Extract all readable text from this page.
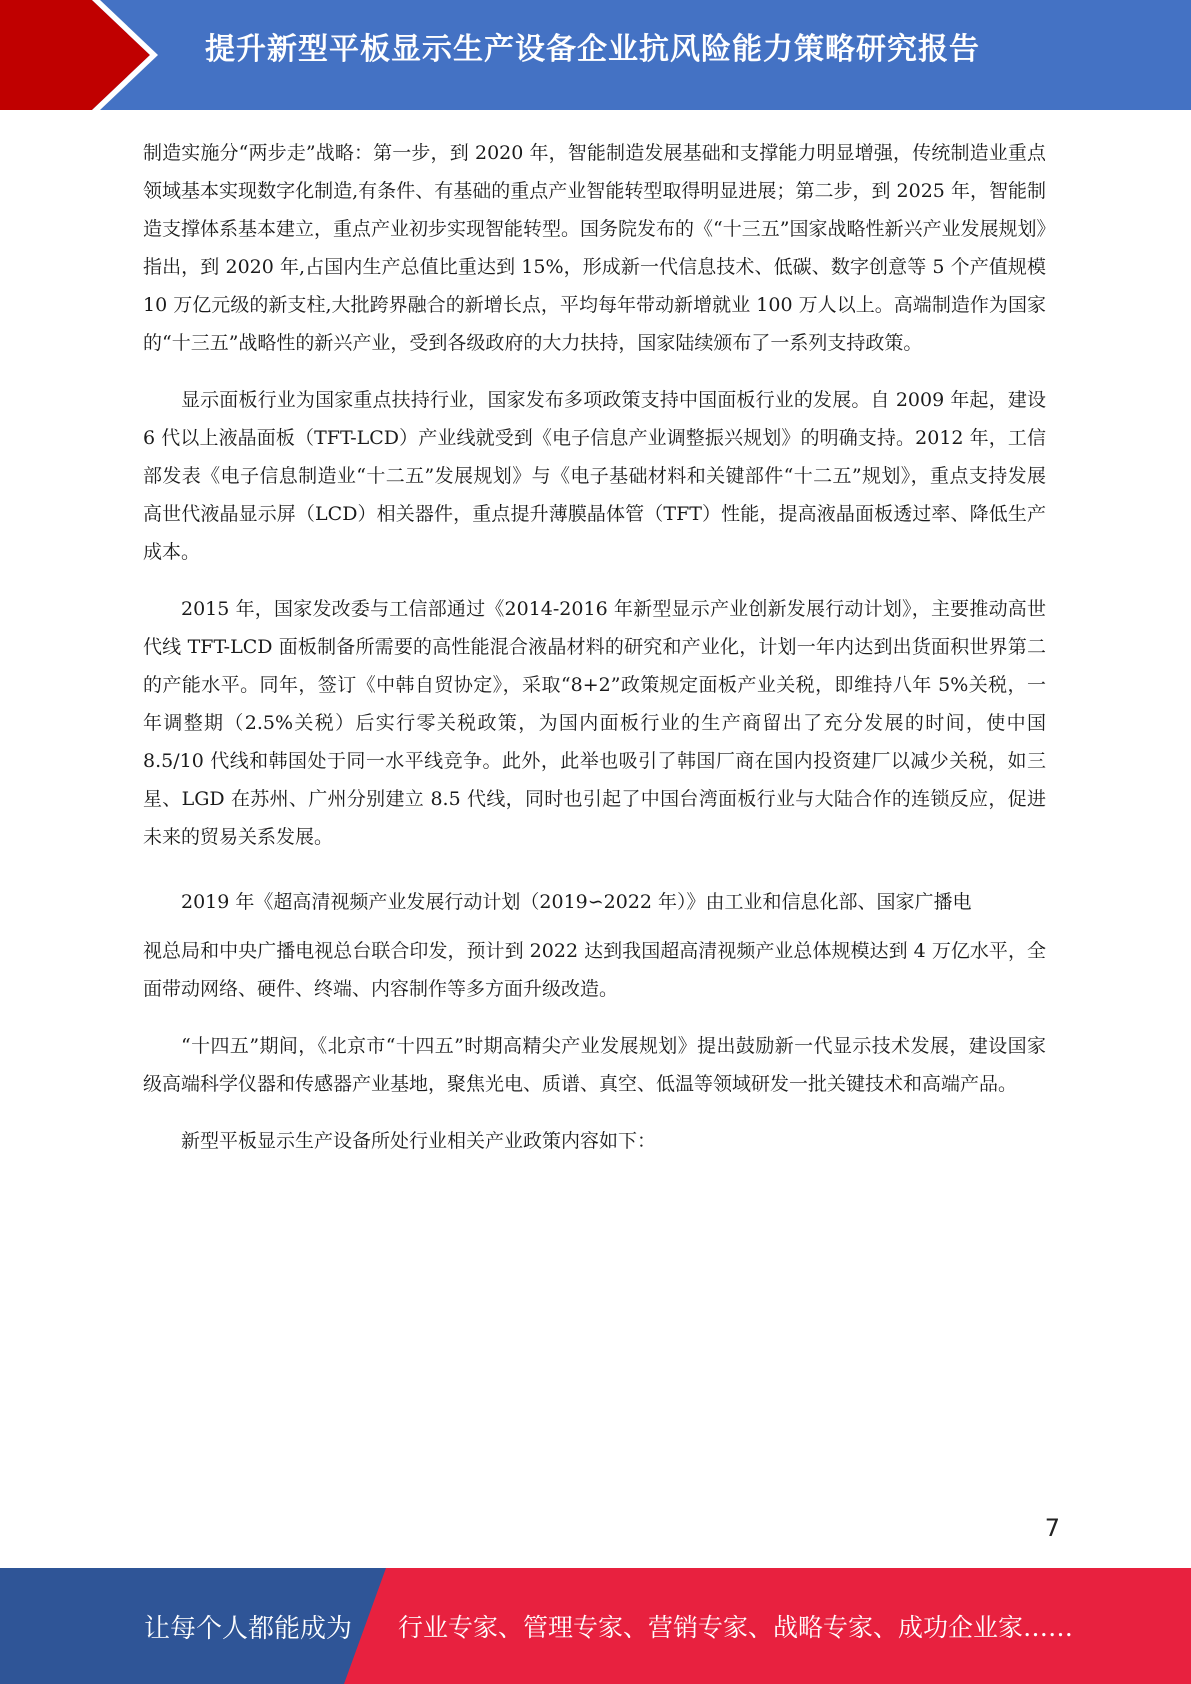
提升新型平板显示生产设备企业抗风险能力策略研究报告

制造实施分“两步走”战略：第一步，到 2020 年，智能制造发展基础和支撑能力明显增强，传统制造业重点领域基本实现数字化制造,有条件、有基础的重点产业智能转型取得明显进展；第二步，到 2025 年，智能制造支撑体系基本建立，重点产业初步实现智能转型。国务院发布的《“十三五”国家战略性新兴产业发展规划》指出，到 2020 年,占国内生产总值比重达到 15%，形成新一代信息技术、低碳、数字创意等 5 个产值规模 10 万亿元级的新支柱,大批跨界融合的新增长点，平均每年带动新增就业 100 万人以上。高端制造作为国家的“十三五”战略性的新兴产业，受到各级政府的大力扶持，国家陆续颁布了一系列支持政策。

显示面板行业为国家重点扶持行业，国家发布多项政策支持中国面板行业的发展。自 2009 年起，建设 6 代以上液晶面板（TFT-LCD）产业线就受到《电子信息产业调整振兴规划》的明确支持。2012 年，工信部发表《电子信息制造业“十二五”发展规划》与《电子基础材料和关键部件“十二五”规划》，重点支持发展高世代液晶显示屏（LCD）相关器件，重点提升薄膜晶体管（TFT）性能，提高液晶面板透过率、降低生产成本。

2015 年，国家发改委与工信部通过《2014-2016 年新型显示产业创新发展行动计划》，主要推动高世代线 TFT-LCD 面板制备所需要的高性能混合液晶材料的研究和产业化，计划一年内达到出货面积世界第二的产能水平。同年，签订《中韩自贸协定》，采取“8+2”政策规定面板产业关税，即维持八年 5%关税，一年调整期（2.5%关税）后实行零关税政策，为国内面板行业的生产商留出了充分发展的时间，使中国 8.5/10 代线和韩国处于同一水平线竞争。此外，此举也吸引了韩国厂商在国内投资建厂以减少关税，如三星、LGD 在苏州、广州分别建立 8.5 代线，同时也引起了中国台湾面板行业与大陆合作的连锁反应，促进未来的贸易关系发展。

2019 年《超高清视频产业发展行动计划（2019∽2022 年）》由工业和信息化部、国家广播电

视总局和中央广播电视总台联合印发，预计到 2022 达到我国超高清视频产业总体规模达到 4 万亿水平，全面带动网络、硬件、终端、内容制作等多方面升级改造。

“十四五”期间，《北京市“十四五”时期高精尖产业发展规划》提出鼓励新一代显示技术发展，建设国家级高端科学仪器和传感器产业基地，聚焦光电、质谱、真空、低温等领域研发一批关键技术和高端产品。

新型平板显示生产设备所处行业相关产业政策内容如下：

7
让每个人都能成为 行业专家、管理专家、营销专家、战略专家、成功企业家……
